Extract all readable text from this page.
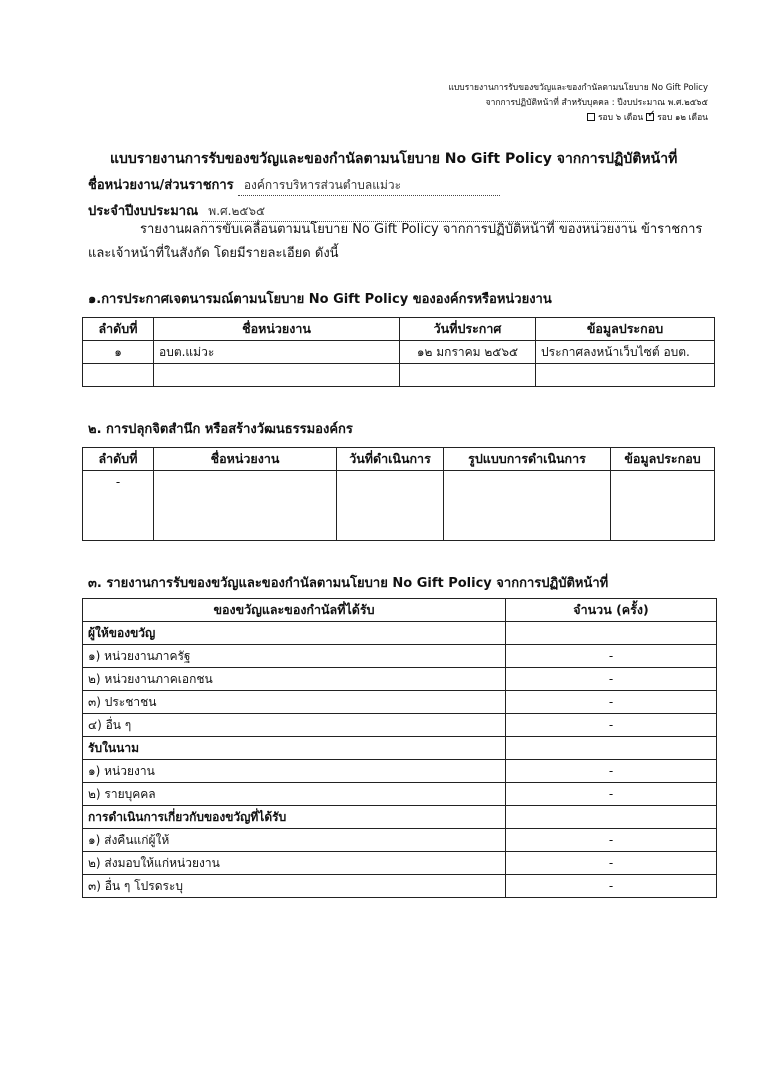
แบบรายงานการรับของขวัญและของกำนัลตามนโยบาย No Gift Policy
จากการปฏิบัติหน้าที่ สำหรับบุคคล : ปีงบประมาณ พ.ศ.๒๕๖๕
รอบ ๖ เดือน ✓ รอบ ๑๒ เดือน
แบบรายงานการรับของขวัญและของกำนัลตามนโยบาย No Gift Policy จากการปฏิบัติหน้าที่
ชื่อหน่วยงาน/ส่วนราชการ องค์การบริหารส่วนตำบลแม่วะ
ประจำปีงบประมาณ พ.ศ.๒๕๖๕
รายงานผลการขับเคลื่อนตามนโยบาย No Gift Policy จากการปฏิบัติหน้าที่ ของหน่วยงาน ข้าราชการ และเจ้าหน้าที่ในสังกัด โดยมีรายละเอียด ดังนี้
๑.การประกาศเจตนารมณ์ตามนโยบาย No Gift Policy ขององค์กรหรือหน่วยงาน
ลำดับที่	ชื่อหน่วยงาน	วันที่ประกาศ	ข้อมูลประกอบ
๑	อบต.แม่วะ	๑๒ มกราคม ๒๕๖๕	ประกาศลงหน้าเว็บไซต์ อบต.

๒. การปลุกจิตสำนึก หรือสร้างวัฒนธรรมองค์กร
ลำดับที่	ชื่อหน่วยงาน	วันที่ดำเนินการ	รูปแบบการดำเนินการ	ข้อมูลประกอบ
-				
๓. รายงานการรับของขวัญและของกำนัลตามนโยบาย No Gift Policy จากการปฏิบัติหน้าที่
ของขวัญและของกำนัลที่ได้รับ	จำนวน (ครั้ง)
ผู้ให้ของขวัญ	
๑) หน่วยงานภาครัฐ	-
๒) หน่วยงานภาคเอกชน	-
๓) ประชาชน	-
๔) อื่น ๆ	-
รับในนาม	
๑) หน่วยงาน	-
๒) รายบุคคล	-
การดำเนินการเกี่ยวกับของขวัญที่ได้รับ	
๑) ส่งคืนแก่ผู้ให้	-
๒) ส่งมอบให้แก่หน่วยงาน	-
๓) อื่น ๆ โปรดระบุ	-
